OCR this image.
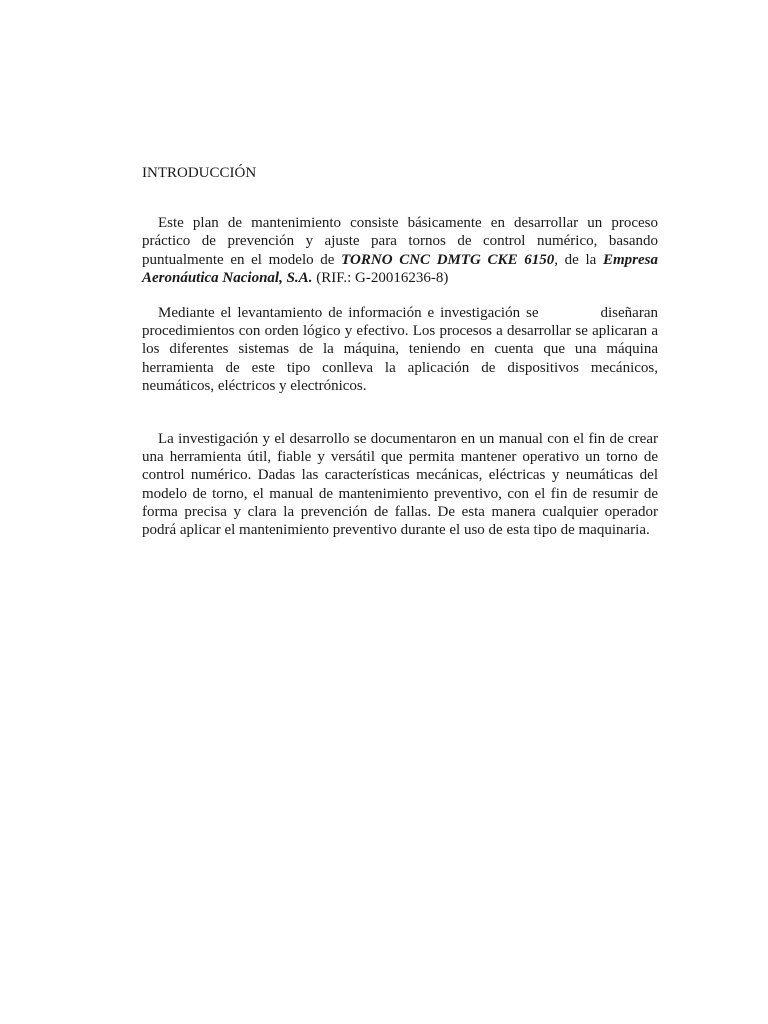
INTRODUCCIÓN

Este plan de mantenimiento consiste básicamente en desarrollar un proceso práctico de prevención y ajuste para tornos de control numérico, basando puntualmente en el modelo de TORNO CNC DMTG CKE 6150, de la Empresa Aeronáutica Nacional, S.A. (RIF.: G-20016236-8)

Mediante el levantamiento de información e investigación se	diseñaran procedimientos con orden lógico y efectivo. Los procesos a desarrollar se aplicaran a los diferentes sistemas de la máquina, teniendo en cuenta que una máquina herramienta de este tipo conlleva la aplicación de dispositivos mecánicos, neumáticos, eléctricos y electrónicos.

La investigación y el desarrollo se documentaron en un manual con el fin de crear una herramienta útil, fiable y versátil que permita mantener operativo un torno de control numérico. Dadas las características mecánicas, eléctricas y neumáticas del modelo de torno, el manual de mantenimiento preventivo, con el fin de resumir de forma precisa y clara la prevención de fallas. De esta manera cualquier operador podrá aplicar el mantenimiento preventivo durante el uso de esta tipo de maquinaria.
